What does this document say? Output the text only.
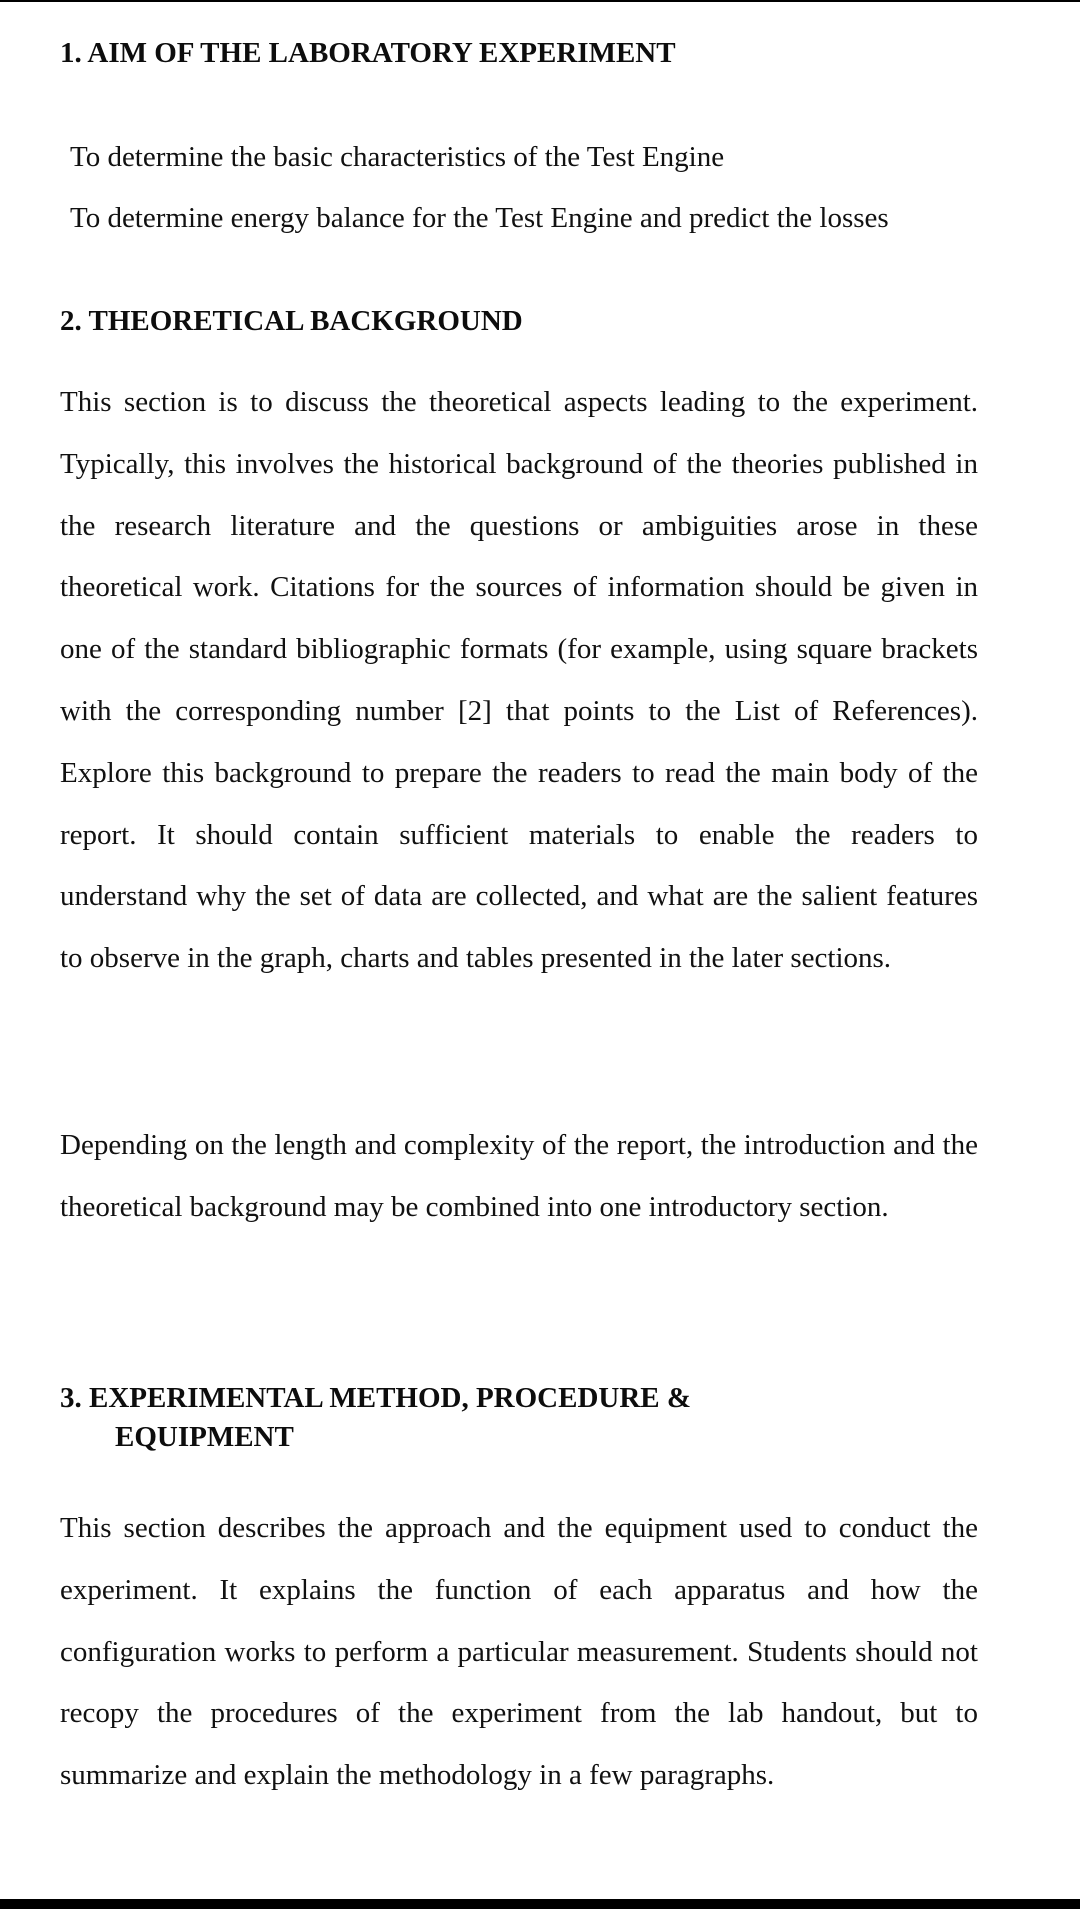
1. AIM OF THE LABORATORY EXPERIMENT

To determine the basic characteristics of the Test Engine

To determine energy balance for the Test Engine and predict the losses

2. THEORETICAL BACKGROUND

This section is to discuss the theoretical aspects leading to the experiment. Typically, this involves the historical background of the theories published in the research literature and the questions or ambiguities arose in these theoretical work. Citations for the sources of information should be given in one of the standard bibliographic formats (for example, using square brackets with the corresponding number [2] that points to the List of References). Explore this background to prepare the readers to read the main body of the report. It should contain sufficient materials to enable the readers to understand why the set of data are collected, and what are the salient features to observe in the graph, charts and tables presented in the later sections.

Depending on the length and complexity of the report, the introduction and the theoretical background may be combined into one introductory section.

3. EXPERIMENTAL METHOD, PROCEDURE &
EQUIPMENT

This section describes the approach and the equipment used to conduct the experiment. It explains the function of each apparatus and how the configuration works to perform a particular measurement. Students should not recopy the procedures of the experiment from the lab handout, but to summarize and explain the methodology in a few paragraphs.
